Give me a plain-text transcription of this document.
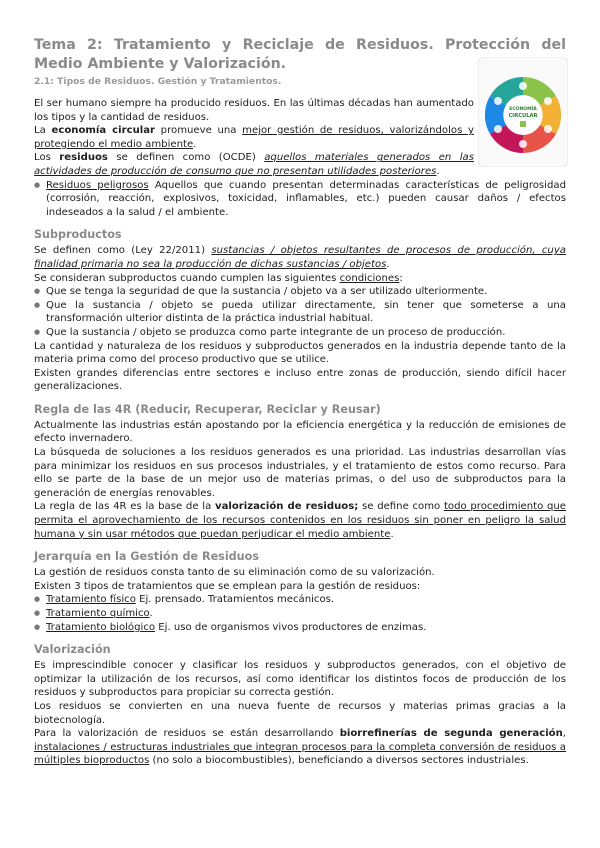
ECONOMÍA
CIRCULAR
Tema 2: Tratamiento y Reciclaje de Residuos. Protección del Medio Ambiente y Valorización.
2.1: Tipos de Residuos. Gestión y Tratamientos.

El ser humano siempre ha producido residuos. En las últimas décadas han aumentado los tipos y la cantidad de residuos.

La economía circular promueve una mejor gestión de residuos, valorizándolos y protegiendo el medio ambiente.

Los residuos se definen como (OCDE) aquellos materiales generados en las actividades de producción de consumo que no presentan utilidades posteriores.

● Residuos peligrosos Aquellos que cuando presentan determinadas características de peligrosidad (corrosión, reacción, explosivos, toxicidad, inflamables, etc.) pueden causar daños / efectos indeseados a la salud / el ambiente.
Subproductos

Se definen como (Ley 22/2011) sustancias / objetos resultantes de procesos de producción, cuya finalidad primaria no sea la producción de dichas sustancias / objetos.

Se consideran subproductos cuando cumplen las siguientes condiciones:

● Que se tenga la seguridad de que la sustancia / objeto va a ser utilizado ulteriormente.
● Que la sustancia / objeto se pueda utilizar directamente, sin tener que someterse a una transformación ulterior distinta de la práctica industrial habitual.
● Que la sustancia / objeto se produzca como parte integrante de un proceso de producción.

La cantidad y naturaleza de los residuos y subproductos generados en la industria depende tanto de la materia prima como del proceso productivo que se utilice.

Existen grandes diferencias entre sectores e incluso entre zonas de producción, siendo difícil hacer generalizaciones.

Regla de las 4R (Reducir, Recuperar, Reciclar y Reusar)

Actualmente las industrias están apostando por la eficiencia energética y la reducción de emisiones de efecto invernadero.

La búsqueda de soluciones a los residuos generados es una prioridad. Las industrias desarrollan vías para minimizar los residuos en sus procesos industriales, y el tratamiento de estos como recurso. Para ello se parte de la base de un mejor uso de materias primas, o del uso de subproductos para la generación de energías renovables.

La regla de las 4R es la base de la valorización de residuos; se define como todo procedimiento que permita el aprovechamiento de los recursos contenidos en los residuos sin poner en peligro la salud humana y sin usar métodos que puedan perjudicar el medio ambiente.

Jerarquía en la Gestión de Residuos

La gestión de residuos consta tanto de su eliminación como de su valorización.

Existen 3 tipos de tratamientos que se emplean para la gestión de residuos:

● Tratamiento físico Ej. prensado. Tratamientos mecánicos.
● Tratamiento químico.
● Tratamiento biológico Ej. uso de organismos vivos productores de enzimas.
Valorización

Es imprescindible conocer y clasificar los residuos y subproductos generados, con el objetivo de optimizar la utilización de los recursos, así como identificar los distintos focos de producción de los residuos y subproductos para propiciar su correcta gestión.

Los residuos se convierten en una nueva fuente de recursos y materias primas gracias a la biotecnología.

Para la valorización de residuos se están desarrollando biorrefinerías de segunda generación, instalaciones / estructuras industriales que integran procesos para la completa conversión de residuos a múltiples bioproductos (no solo a biocombustibles), beneficiando a diversos sectores industriales.
